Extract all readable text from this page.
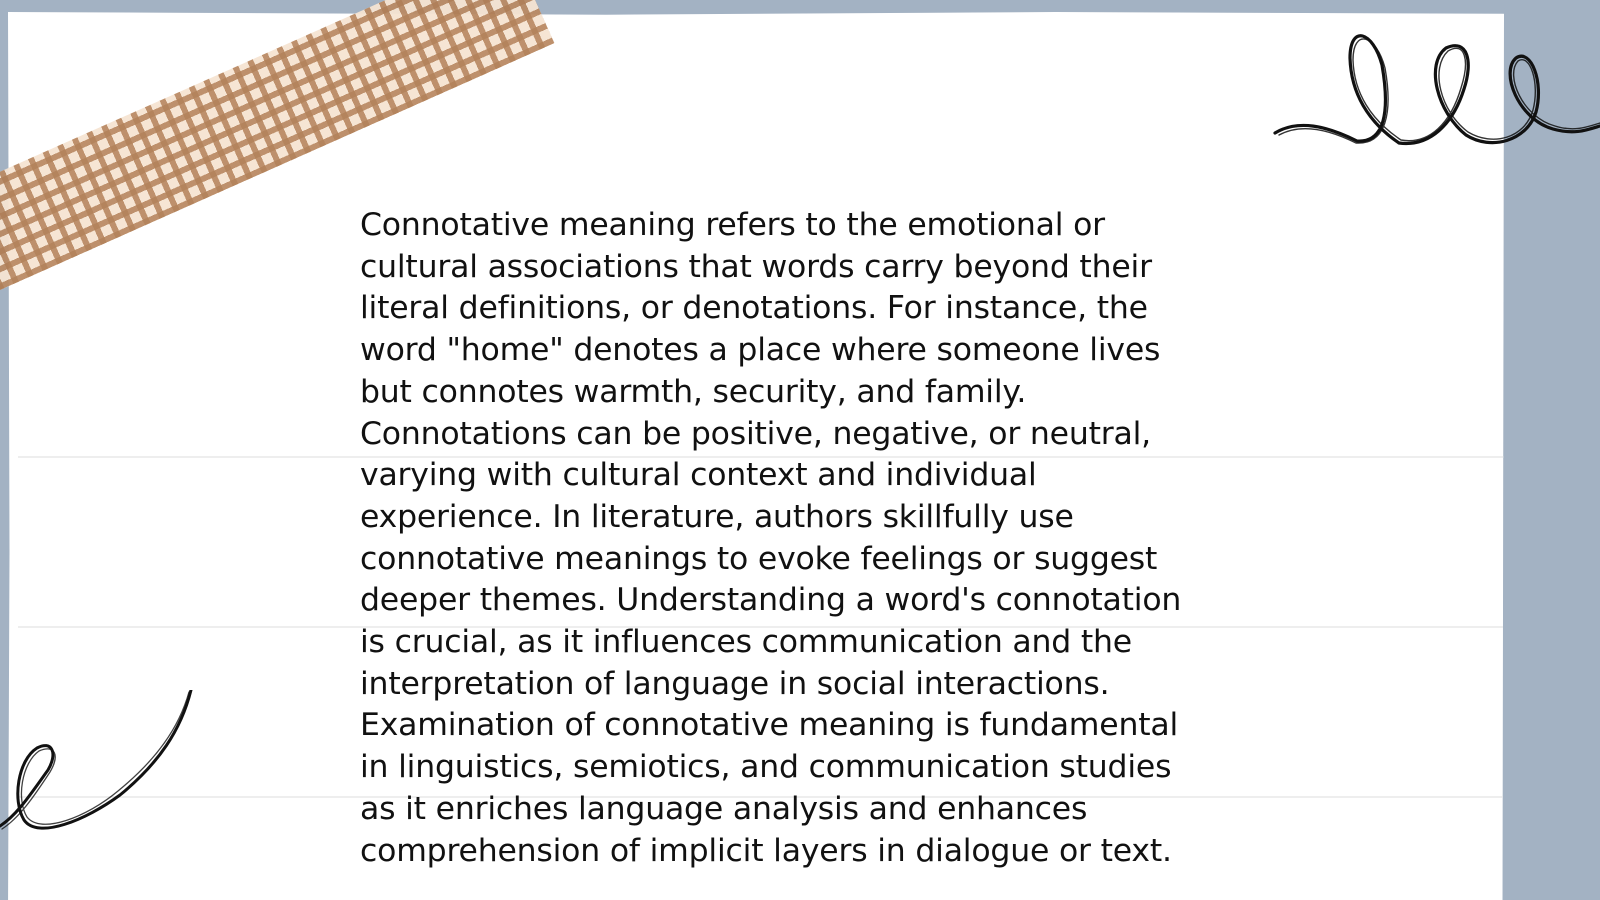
Connotative meaning refers to the emotional or
cultural associations that words carry beyond their
literal definitions, or denotations. For instance, the
word "home" denotes a place where someone lives
but connotes warmth, security, and family.
Connotations can be positive, negative, or neutral,
varying with cultural context and individual
experience. In literature, authors skillfully use
connotative meanings to evoke feelings or suggest
deeper themes. Understanding a word's connotation
is crucial, as it influences communication and the
interpretation of language in social interactions.
Examination of connotative meaning is fundamental
in linguistics, semiotics, and communication studies
as it enriches language analysis and enhances
comprehension of implicit layers in dialogue or text.
